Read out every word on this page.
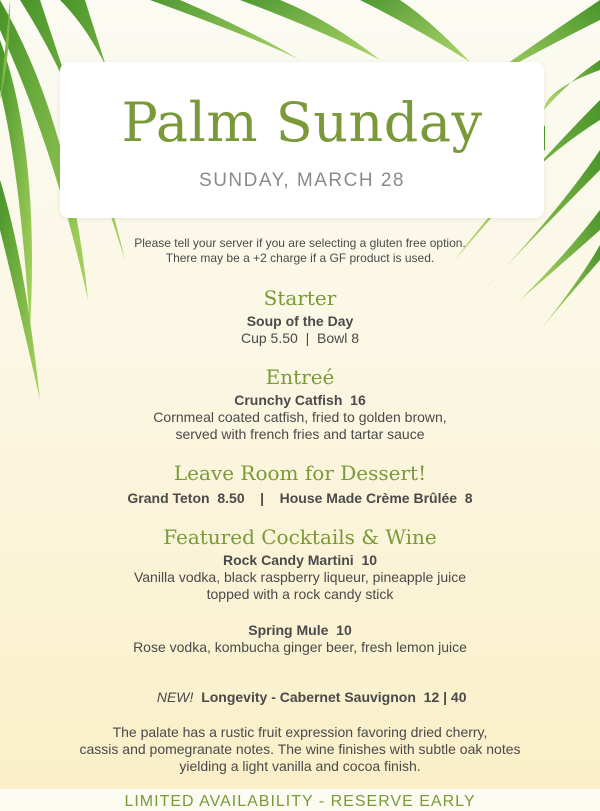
Palm Sunday
SUNDAY, MARCH 28
Please tell your server if you are selecting a gluten free option.
There may be a +2 charge if a GF product is used.
Starter
Soup of the Day
Cup 5.50  |  Bowl 8
Entreé
Crunchy Catfish  16
Cornmeal coated catfish, fried to golden brown,
served with french fries and tartar sauce
Leave Room for Dessert!
Grand Teton  8.50    |    House Made Crème Brûlée  8
Featured Cocktails & Wine
Rock Candy Martini  10
Vanilla vodka, black raspberry liqueur, pineapple juice
topped with a rock candy stick
Spring Mule  10
Rose vodka, kombucha ginger beer, fresh lemon juice

NEW! Longevity - Cabernet Sauvignon  12 | 40

The palate has a rustic fruit expression favoring dried cherry,
cassis and pomegranate notes. The wine finishes with subtle oak notes
yielding a light vanilla and cocoa finish.
LIMITED AVAILABILITY - RESERVE EARLY
